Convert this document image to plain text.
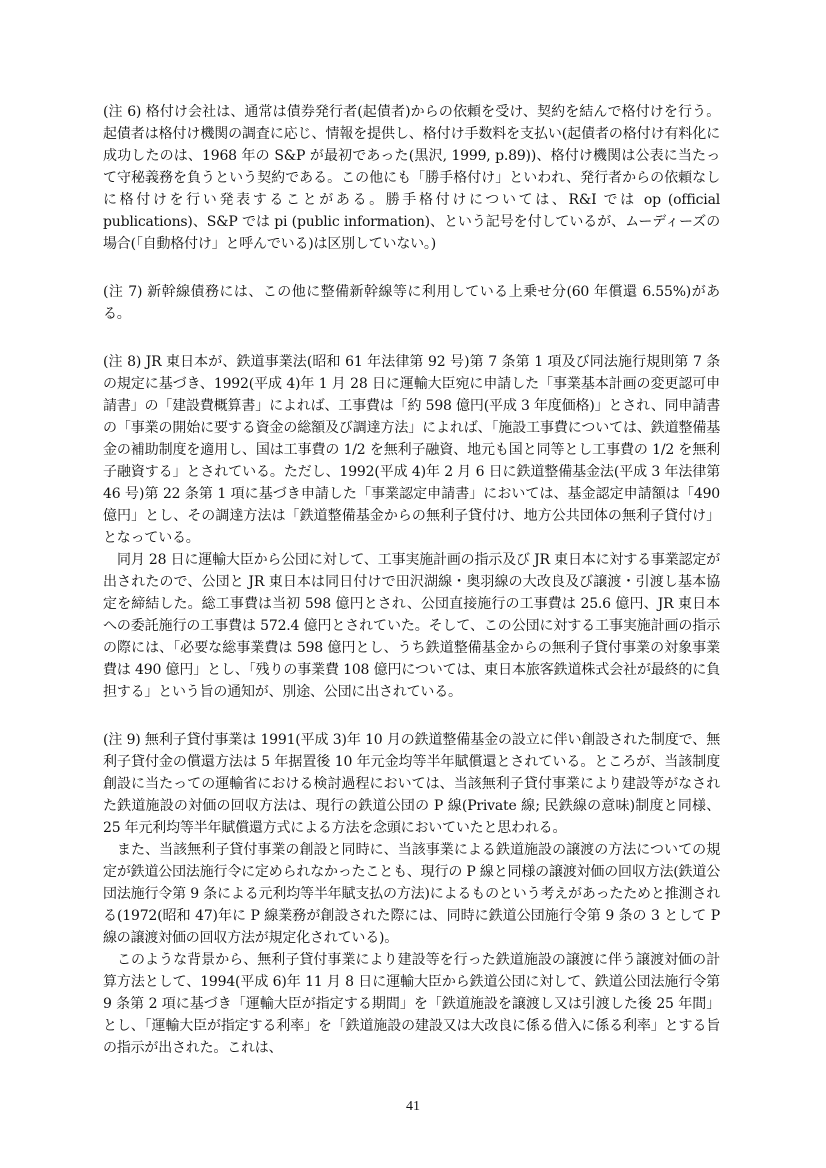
(注 6) 格付け会社は、通常は債券発行者(起債者)からの依頼を受け、契約を結んで格付けを行う。起債者は格付け機関の調査に応じ、情報を提供し、格付け手数料を支払い(起債者の格付け有料化に成功したのは、1968 年の S&P が最初であった(黒沢, 1999, p.89))、格付け機関は公表に当たって守秘義務を負うという契約である。この他にも「勝手格付け」といわれ、発行者からの依頼なしに格付けを行い発表することがある。勝手格付けについては、R&I では op (official publications)、S&P では pi (public information)、という記号を付しているが、ムーディーズの場合(「自動格付け」と呼んでいる)は区別していない。)

(注 7) 新幹線債務には、この他に整備新幹線等に利用している上乗せ分(60 年償還 6.55%)がある。

(注 8) JR 東日本が、鉄道事業法(昭和 61 年法律第 92 号)第 7 条第 1 項及び同法施行規則第 7 条の規定に基づき、1992(平成 4)年 1 月 28 日に運輸大臣宛に申請した「事業基本計画の変更認可申請書」の「建設費概算書」によれば、工事費は「約 598 億円(平成 3 年度価格)」とされ、同申請書の「事業の開始に要する資金の総額及び調達方法」によれば、「施設工事費については、鉄道整備基金の補助制度を適用し、国は工事費の 1/2 を無利子融資、地元も国と同等とし工事費の 1/2 を無利子融資する」とされている。ただし、1992(平成 4)年 2 月 6 日に鉄道整備基金法(平成 3 年法律第 46 号)第 22 条第 1 項に基づき申請した「事業認定申請書」においては、基金認定申請額は「490 億円」とし、その調達方法は「鉄道整備基金からの無利子貸付け、地方公共団体の無利子貸付け」となっている。

同月 28 日に運輸大臣から公団に対して、工事実施計画の指示及び JR 東日本に対する事業認定が出されたので、公団と JR 東日本は同日付けで田沢湖線・奥羽線の大改良及び譲渡・引渡し基本協定を締結した。総工事費は当初 598 億円とされ、公団直接施行の工事費は 25.6 億円、JR 東日本への委託施行の工事費は 572.4 億円とされていた。そして、この公団に対する工事実施計画の指示の際には、「必要な総事業費は 598 億円とし、うち鉄道整備基金からの無利子貸付事業の対象事業費は 490 億円」とし、「残りの事業費 108 億円については、東日本旅客鉄道株式会社が最終的に負担する」という旨の通知が、別途、公団に出されている。

(注 9) 無利子貸付事業は 1991(平成 3)年 10 月の鉄道整備基金の設立に伴い創設された制度で、無利子貸付金の償還方法は 5 年据置後 10 年元金均等半年賦償還とされている。ところが、当該制度創設に当たっての運輸省における検討過程においては、当該無利子貸付事業により建設等がなされた鉄道施設の対価の回収方法は、現行の鉄道公団の P 線(Private 線; 民鉄線の意味)制度と同様、25 年元利均等半年賦償還方式による方法を念頭においていたと思われる。

また、当該無利子貸付事業の創設と同時に、当該事業による鉄道施設の譲渡の方法についての規定が鉄道公団法施行令に定められなかったことも、現行の P 線と同様の譲渡対価の回収方法(鉄道公団法施行令第 9 条による元利均等半年賦支払の方法)によるものという考えがあったためと推測される(1972(昭和 47)年に P 線業務が創設された際には、同時に鉄道公団施行令第 9 条の 3 として P 線の譲渡対価の回収方法が規定化されている)。

このような背景から、無利子貸付事業により建設等を行った鉄道施設の譲渡に伴う譲渡対価の計算方法として、1994(平成 6)年 11 月 8 日に運輸大臣から鉄道公団に対して、鉄道公団法施行令第 9 条第 2 項に基づき「運輸大臣が指定する期間」を「鉄道施設を譲渡し又は引渡した後 25 年間」とし、「運輸大臣が指定する利率」を「鉄道施設の建設又は大改良に係る借入に係る利率」とする旨の指示が出された。これは、

41
